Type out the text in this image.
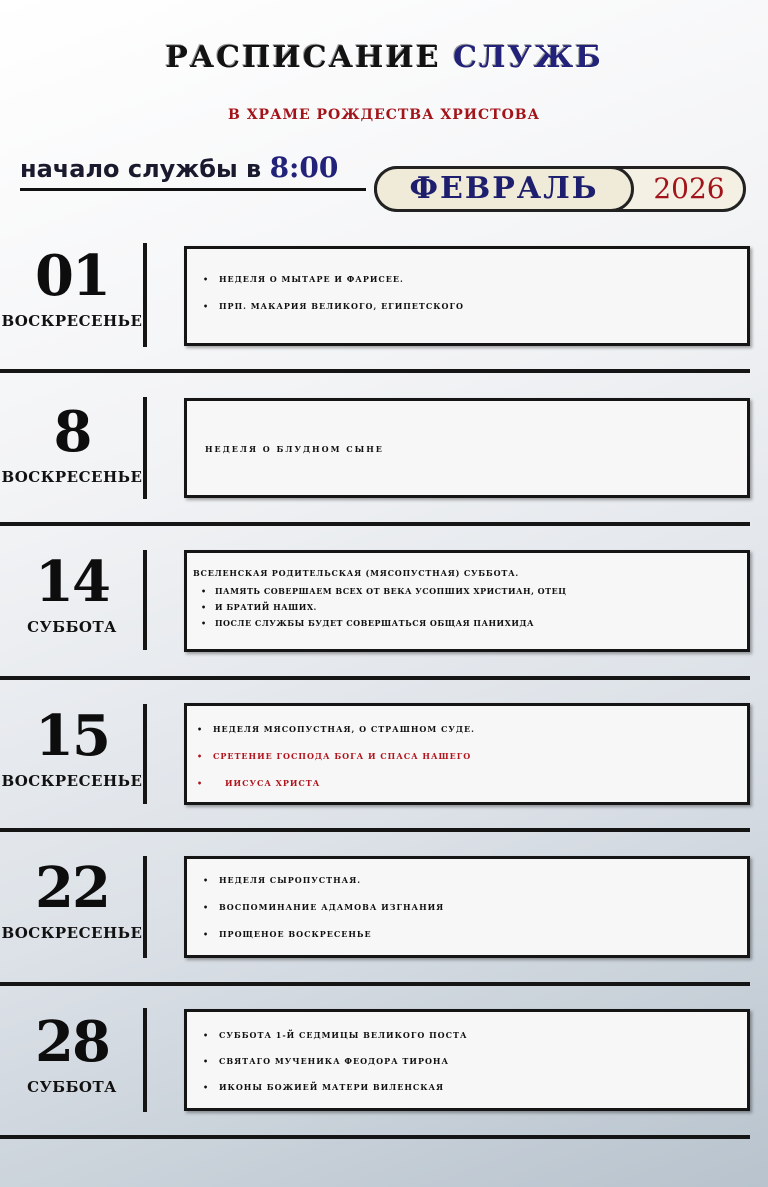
РАСПИСАНИЕ СЛУЖБ
В ХРАМЕ РОЖДЕСТВА ХРИСТОВА
начало службы в 8:00
ФЕВРАЛЬ	2026
01
ВОСКРЕСЕНЬЕ
• НЕДЕЛЯ О МЫТАРЕ И ФАРИСЕЕ.
• ПРП. МАКАРИЯ ВЕЛИКОГО, ЕГИПЕТСКОГО
8
ВОСКРЕСЕНЬЕ
НЕДЕЛЯ О БЛУДНОМ СЫНЕ
14
СУББОТА
ВСЕЛЕНСКАЯ РОДИТЕЛЬСКАЯ (МЯСОПУСТНАЯ) СУББОТА.
• ПАМЯТЬ СОВЕРШАЕМ ВСЕХ ОТ ВЕКА УСОПШИХ ХРИСТИАН, ОТЕЦ
• И БРАТИЙ НАШИХ.
• ПОСЛЕ СЛУЖБЫ БУДЕТ СОВЕРШАТЬСЯ ОБЩАЯ ПАНИХИДА
15
ВОСКРЕСЕНЬЕ
• НЕДЕЛЯ МЯСОПУСТНАЯ, О СТРАШНОМ СУДЕ.
• СРЕТЕНИЕ ГОСПОДА БОГА И СПАСА НАШЕГО
• ИИСУСА ХРИСТА
22
ВОСКРЕСЕНЬЕ
• НЕДЕЛЯ СЫРОПУСТНАЯ.
• ВОСПОМИНАНИЕ АДАМОВА ИЗГНАНИЯ
• ПРОЩЕНОЕ ВОСКРЕСЕНЬЕ
28
СУББОТА
• СУББОТА 1-Й СЕДМИЦЫ ВЕЛИКОГО ПОСТА
• СВЯТАГО МУЧЕНИКА ФЕОДОРА ТИРОНА
• ИКОНЫ БОЖИЕЙ МАТЕРИ ВИЛЕНСКАЯ
